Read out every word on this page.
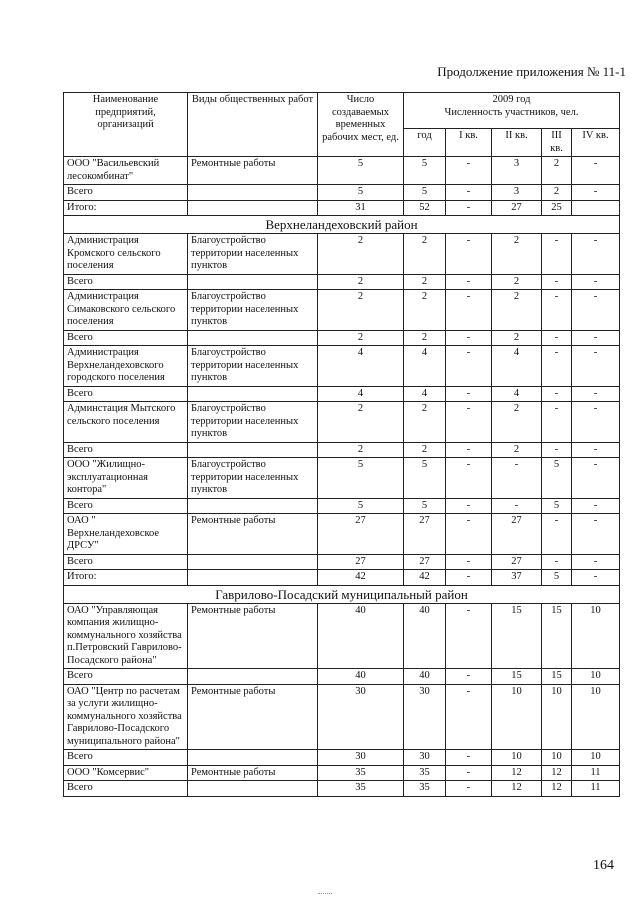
Продолжение приложения № 11-1
Наименование предприятий, организаций	Виды общественных работ	Число создаваемых временных рабочих мест, ед.	2009 год
Численность участников, чел.				

			год	I кв.	II кв.	III кв.	IV кв.
ООО "Васильевский лесокомбинат"	Ремонтные работы	5	5	-	3	2	-
Всего		5	5	-	3	2	-
Итого:		31	52	-	27	25	
Верхнеландеховский район							
Администрация Кромского сельского поселения	Благоустройство территории населенных пунктов	2	2	-	2	-	-
Всего		2	2	-	2	-	-
Администрация Симаковского сельского поселения	Благоустройство территории населенных пунктов	2	2	-	2	-	-
Всего		2	2	-	2	-	-
Администрация Верхнеландеховского городского поселения	Благоустройство территории населенных пунктов	4	4	-	4	-	-
Всего		4	4	-	4	-	-
Админстация Мытского сельского поселения	Благоустройство территории населенных пунктов	2	2	-	2	-	-
Всего		2	2	-	2	-	-
ООО "Жилищно-эксплуатационная контора"	Благоустройство территории населенных пунктов	5	5	-	-	5	-
Всего		5	5	-	-	5	-
ОАО " Верхнеландеховское ДРСУ"	Ремонтные работы	27	27	-	27	-	-
Всего		27	27	-	27	-	-
Итого:		42	42	-	37	5	-
Гаврилово-Посадский муниципальный район							
ОАО "Управляющая компания жилищно-коммунального хозяйства п.Петровский Гаврилово-Посадского района"	Ремонтные работы	40	40	-	15	15	10
Всего		40	40	-	15	15	10
ОАО "Центр по расчетам за услуги жилищно-коммунального хозяйства Гаврилово-Посадского муниципального района"	Ремонтные работы	30	30	-	10	10	10
Всего		30	30	-	10	10	10
ООО "Комсервис"	Ремонтные работы	35	35	-	12	12	11
Всего		35	35	-	12	12	11
164
